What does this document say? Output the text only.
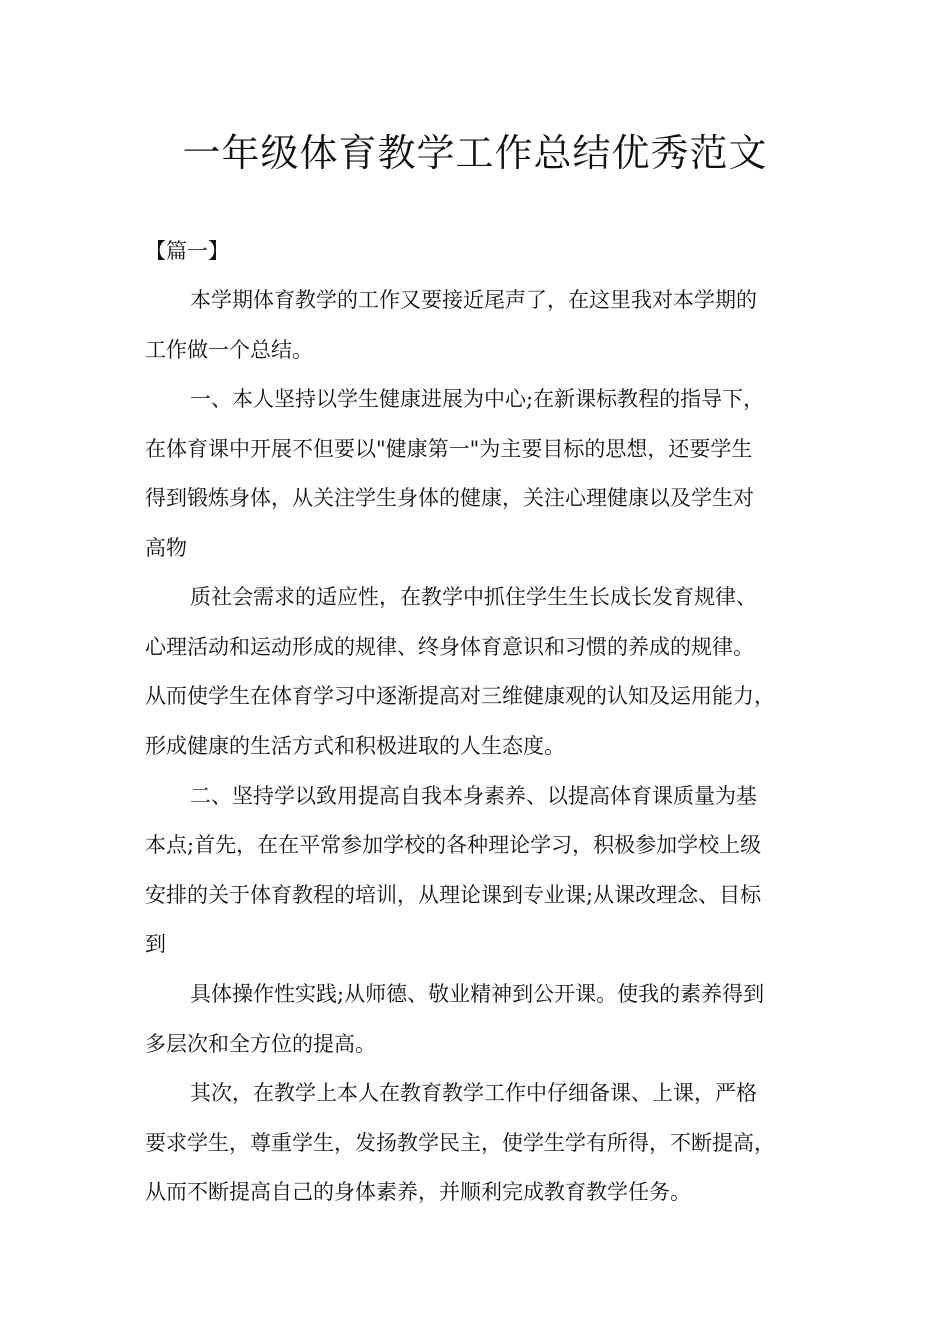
一年级体育教学工作总结优秀范文
【篇一】
本学期体育教学的工作又要接近尾声了，在这里我对本学期的
工作做一个总结。
一、本人坚持以学生健康进展为中心;在新课标教程的指导下，
在体育课中开展不但要以"健康第一"为主要目标的思想，还要学生
得到锻炼身体，从关注学生身体的健康，关注心理健康以及学生对
高物
质社会需求的适应性，在教学中抓住学生生长成长发育规律、
心理活动和运动形成的规律、终身体育意识和习惯的养成的规律。
从而使学生在体育学习中逐渐提高对三维健康观的认知及运用能力，
形成健康的生活方式和积极进取的人生态度。
二、坚持学以致用提高自我本身素养、以提高体育课质量为基
本点;首先，在在平常参加学校的各种理论学习，积极参加学校上级
安排的关于体育教程的培训，从理论课到专业课;从课改理念、目标
到
具体操作性实践;从师德、敬业精神到公开课。使我的素养得到
多层次和全方位的提高。
其次，在教学上本人在教育教学工作中仔细备课、上课，严格
要求学生，尊重学生，发扬教学民主，使学生学有所得，不断提高，
从而不断提高自己的身体素养，并顺利完成教育教学任务。
